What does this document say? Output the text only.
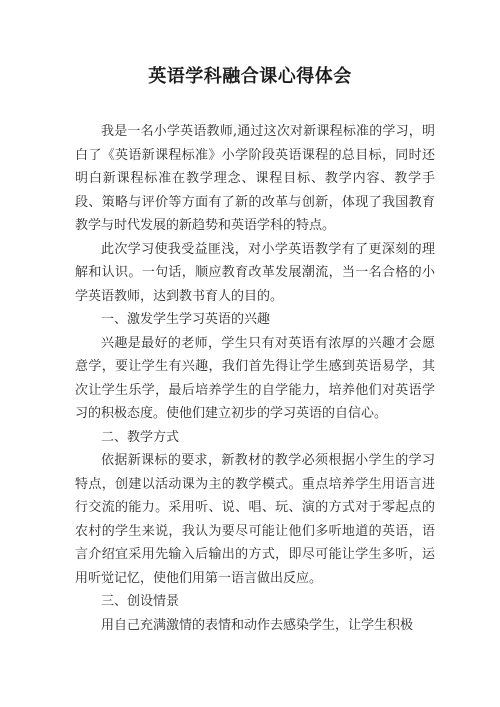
英语学科融合课心得体会

我是一名小学英语教师,通过这次对新课程标准的学习，明白了《英语新课程标准》小学阶段英语课程的总目标，同时还明白新课程标准在教学理念、课程目标、教学内容、教学手段、策略与评价等方面有了新的改革与创新，体现了我国教育教学与时代发展的新趋势和英语学科的特点。

此次学习使我受益匪浅，对小学英语教学有了更深刻的理解和认识。一句话，顺应教育改革发展潮流，当一名合格的小学英语教师，达到教书育人的目的。

一、激发学生学习英语的兴趣

兴趣是最好的老师，学生只有对英语有浓厚的兴趣才会愿意学，要让学生有兴趣，我们首先得让学生感到英语易学，其次让学生乐学，最后培养学生的自学能力，培养他们对英语学习的积极态度。使他们建立初步的学习英语的自信心。

二、教学方式

依据新课标的要求，新教材的教学必须根据小学生的学习特点，创建以活动课为主的教学模式。重点培养学生用语言进行交流的能力。采用听、说、唱、玩、演的方式对于零起点的农村的学生来说，我认为要尽可能让他们多听地道的英语，语言介绍宜采用先输入后输出的方式，即尽可能让学生多听，运用听觉记忆，使他们用第一语言做出反应。

三、创设情景

用自己充满激情的表情和动作去感染学生，让学生积极
